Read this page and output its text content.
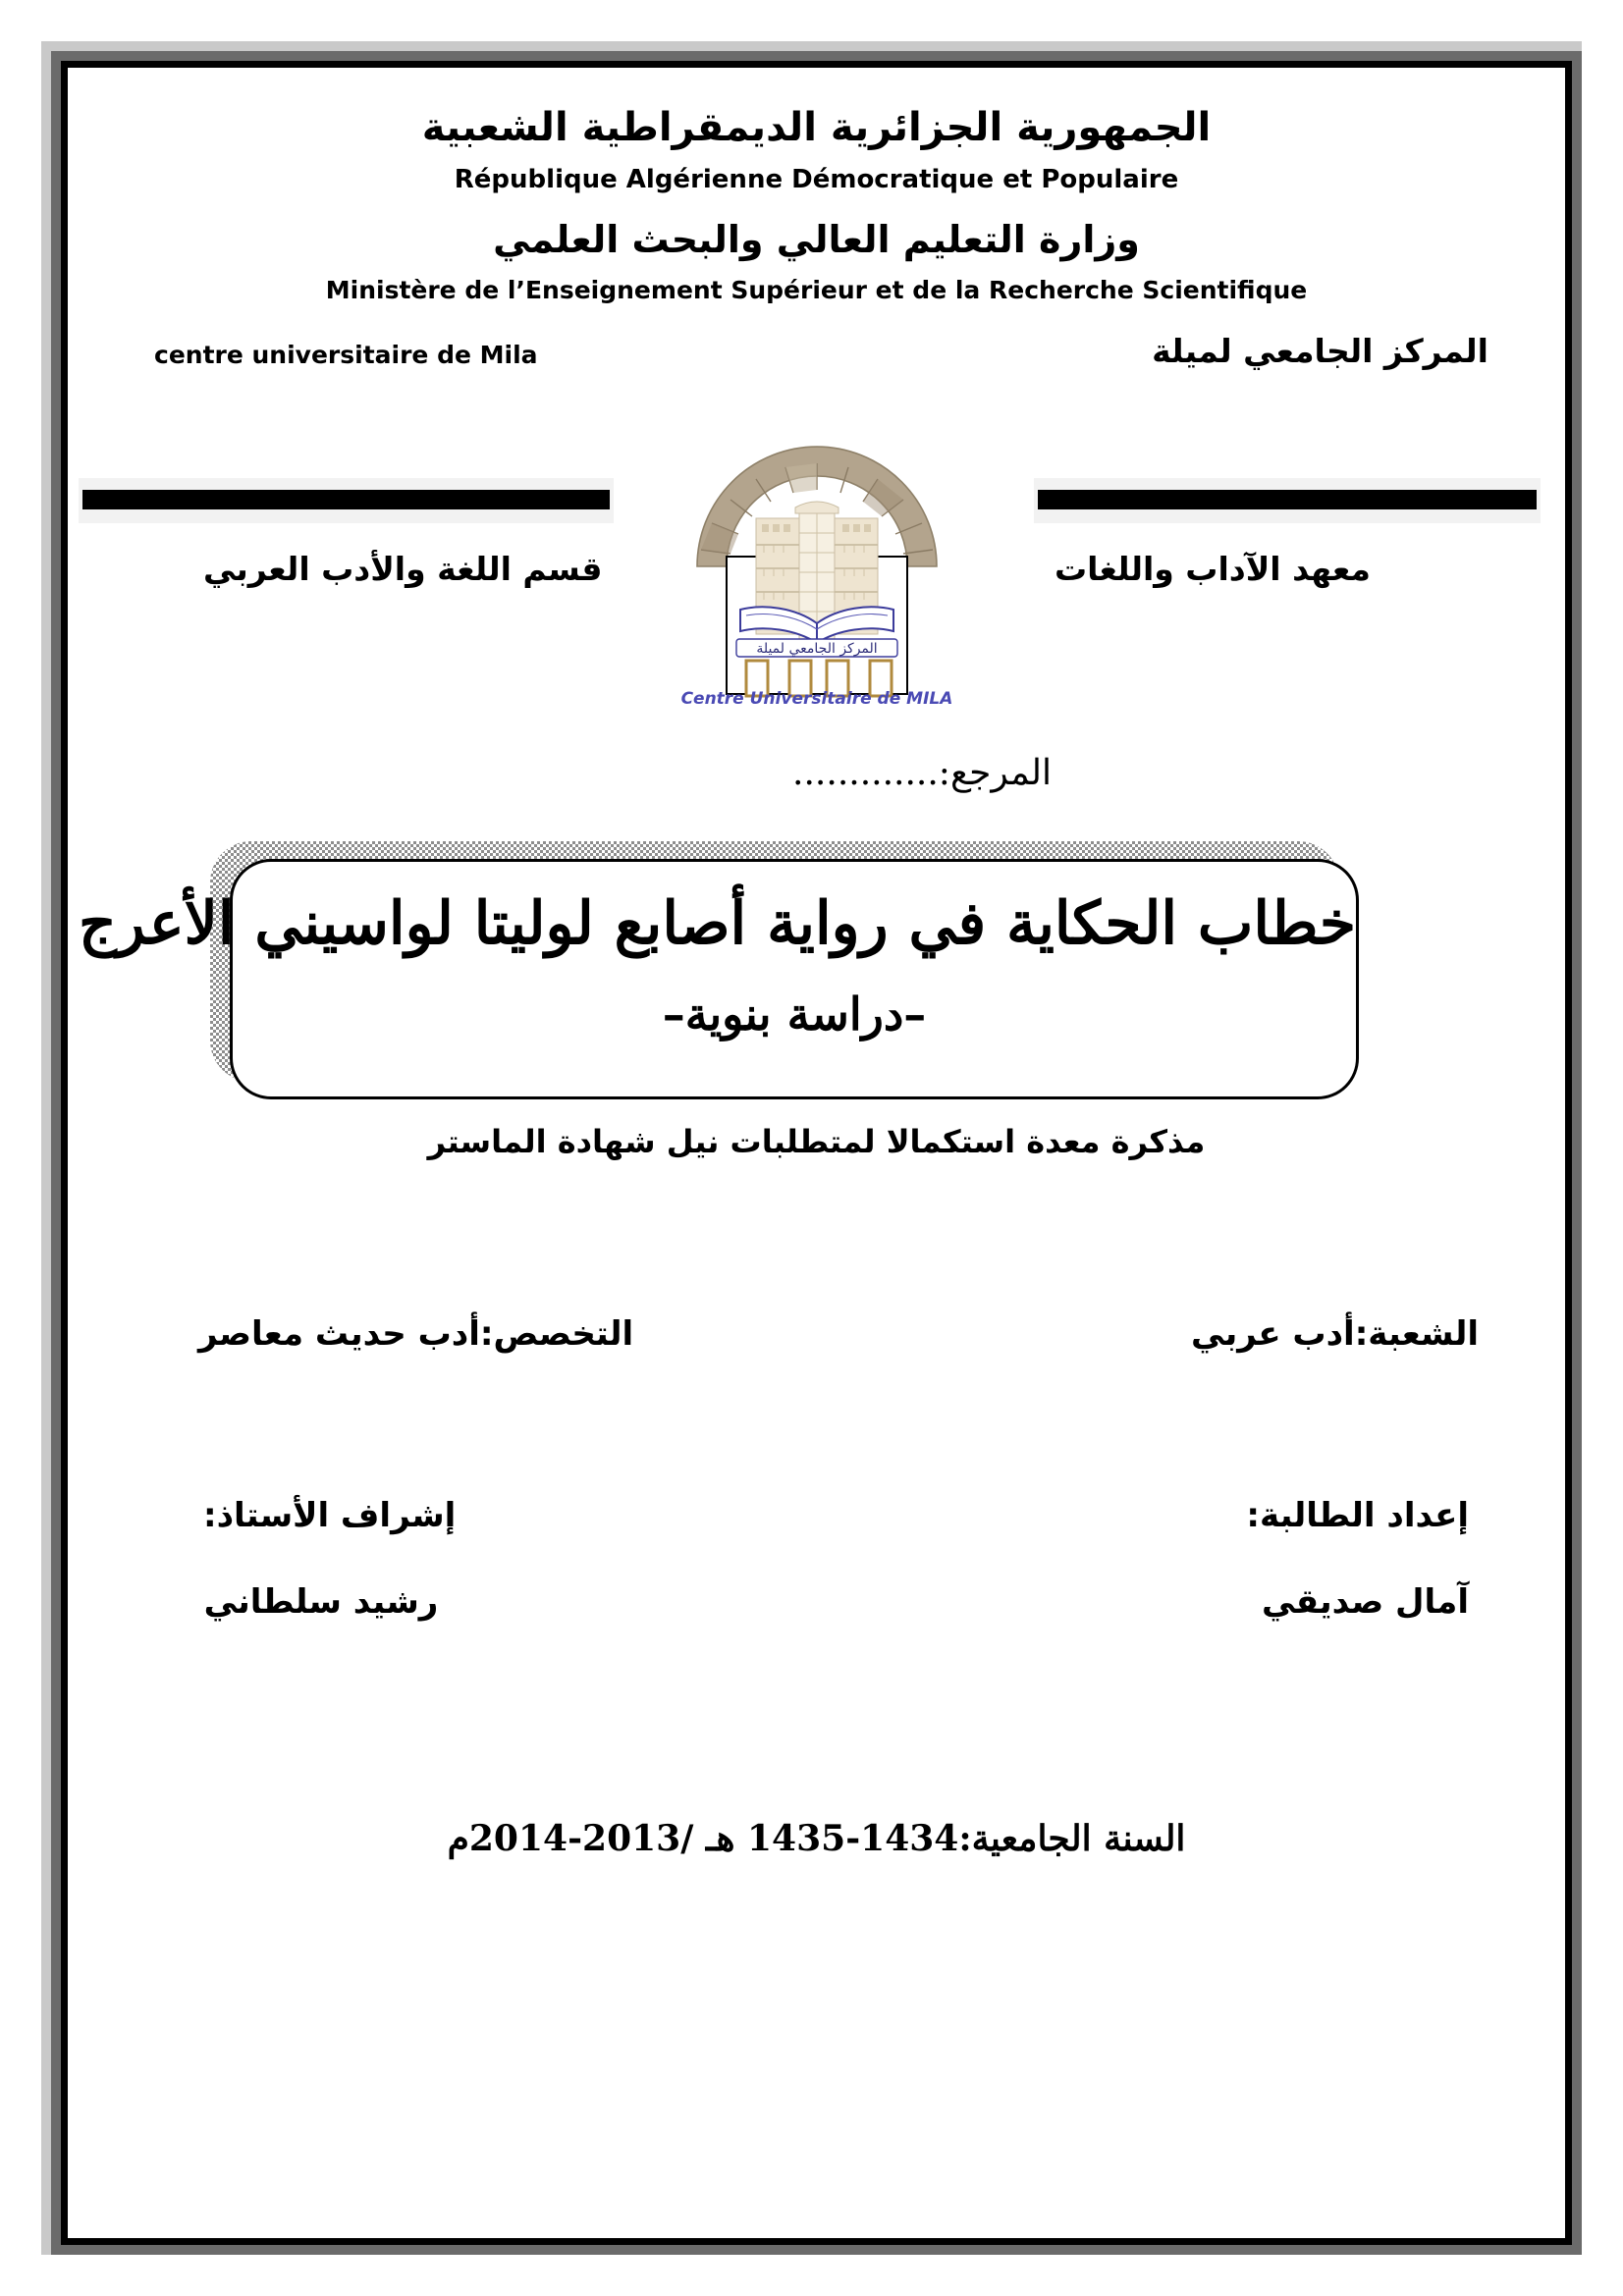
الجمهورية الجزائرية الديمقراطية الشعبية
République Algérienne Démocratique et Populaire
وزارة التعليم العالي والبحث العلمي
Ministère de l’Enseignement Supérieur et de la Recherche Scientifique
المركز الجامعي لميلة
centre universitaire de Mila
المركز الجامعي لميلة
Centre Universitaire de MILA
معهد الآداب واللغات
قسم اللغة والأدب العربي
المرجع:.............
خطاب الحكاية في رواية أصابع لوليتا لواسيني الأعرج
–دراسة بنوية–
مذكرة معدة استكمالا لمتطلبات نيل شهادة الماستر
الشعبة:أدب عربي
التخصص:أدب حديث معاصر
إعداد الطالبة:
آمال صديقي
إشراف الأستاذ:
رشيد سلطاني
السنة الجامعية:1434-1435 هـ /2013-2014م
